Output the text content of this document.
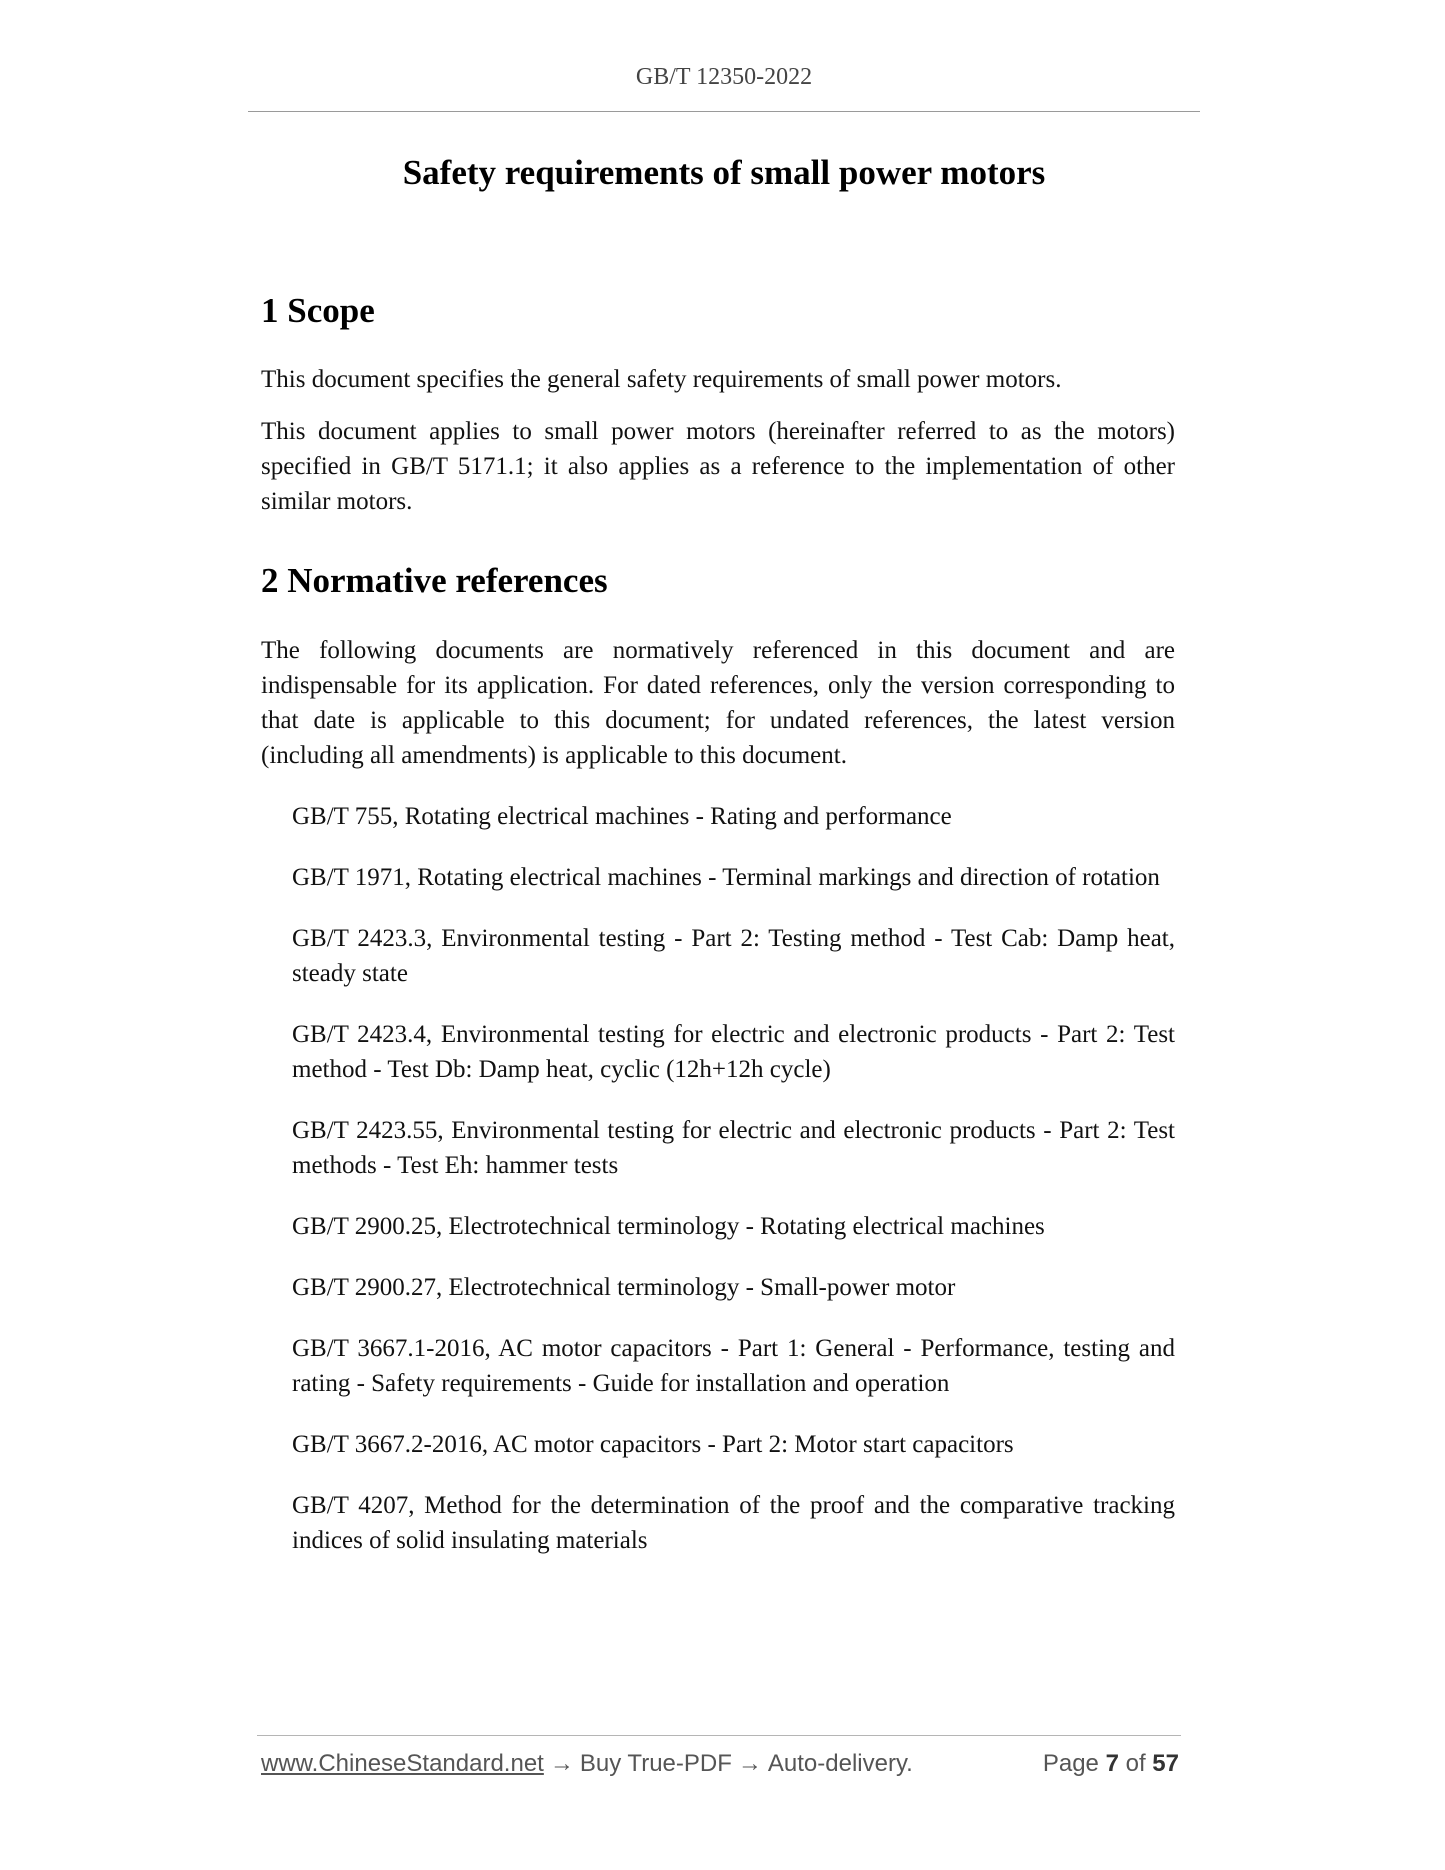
GB/T 12350-2022
Safety requirements of small power motors
1 Scope

This document specifies the general safety requirements of small power motors.

This document applies to small power motors (hereinafter referred to as the motors) specified in GB/T 5171.1; it also applies as a reference to the implementation of other similar motors.

2 Normative references

The following documents are normatively referenced in this document and are indispensable for its application. For dated references, only the version corresponding to that date is applicable to this document; for undated references, the latest version (including all amendments) is applicable to this document.

GB/T 755, Rotating electrical machines - Rating and performance
GB/T 1971, Rotating electrical machines - Terminal markings and direction of rotation
GB/T 2423.3, Environmental testing - Part 2: Testing method - Test Cab: Damp heat, steady state
GB/T 2423.4, Environmental testing for electric and electronic products - Part 2: Test method - Test Db: Damp heat, cyclic (12h+12h cycle)
GB/T 2423.55, Environmental testing for electric and electronic products - Part 2: Test methods - Test Eh: hammer tests
GB/T 2900.25, Electrotechnical terminology - Rotating electrical machines
GB/T 2900.27, Electrotechnical terminology - Small-power motor
GB/T 3667.1-2016, AC motor capacitors - Part 1: General - Performance, testing and rating - Safety requirements - Guide for installation and operation
GB/T 3667.2-2016, AC motor capacitors - Part 2: Motor start capacitors
GB/T 4207, Method for the determination of the proof and the comparative tracking indices of solid insulating materials
www.ChineseStandard.net → Buy True-PDF → Auto-delivery.	Page 7 of 57
